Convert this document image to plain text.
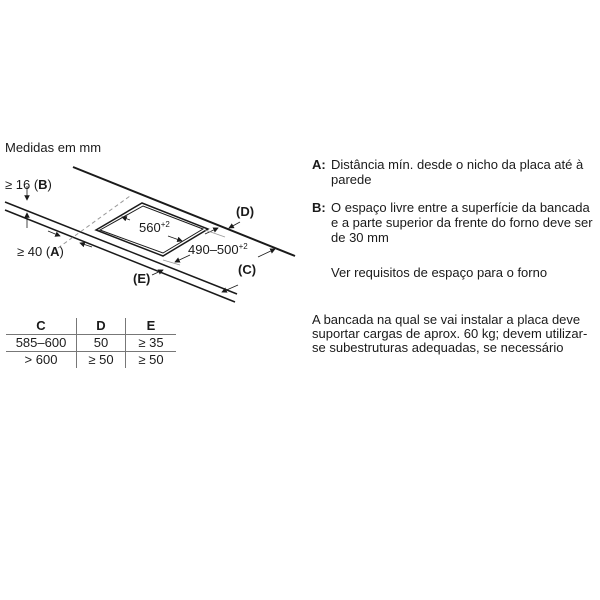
Medidas em mm
≥ 16 (B)
≥ 40 (A)
$560^{+2}$
$490-500^{+2}$
(D)
(C)
(E)
C	D	E
585–600	50	≥ 35
> 600	≥ 50	≥ 50
A: Distância mín. desde o nicho da placa até à parede
B: O espaço livre entre a superfície da bancada e a parte superior da frente do forno deve ser de 30 mm
Ver requisitos de espaço para o forno
A bancada na qual se vai instalar a placa deve suportar cargas de aprox. 60 kg; devem utilizar-se subestruturas adequadas, se necessário
